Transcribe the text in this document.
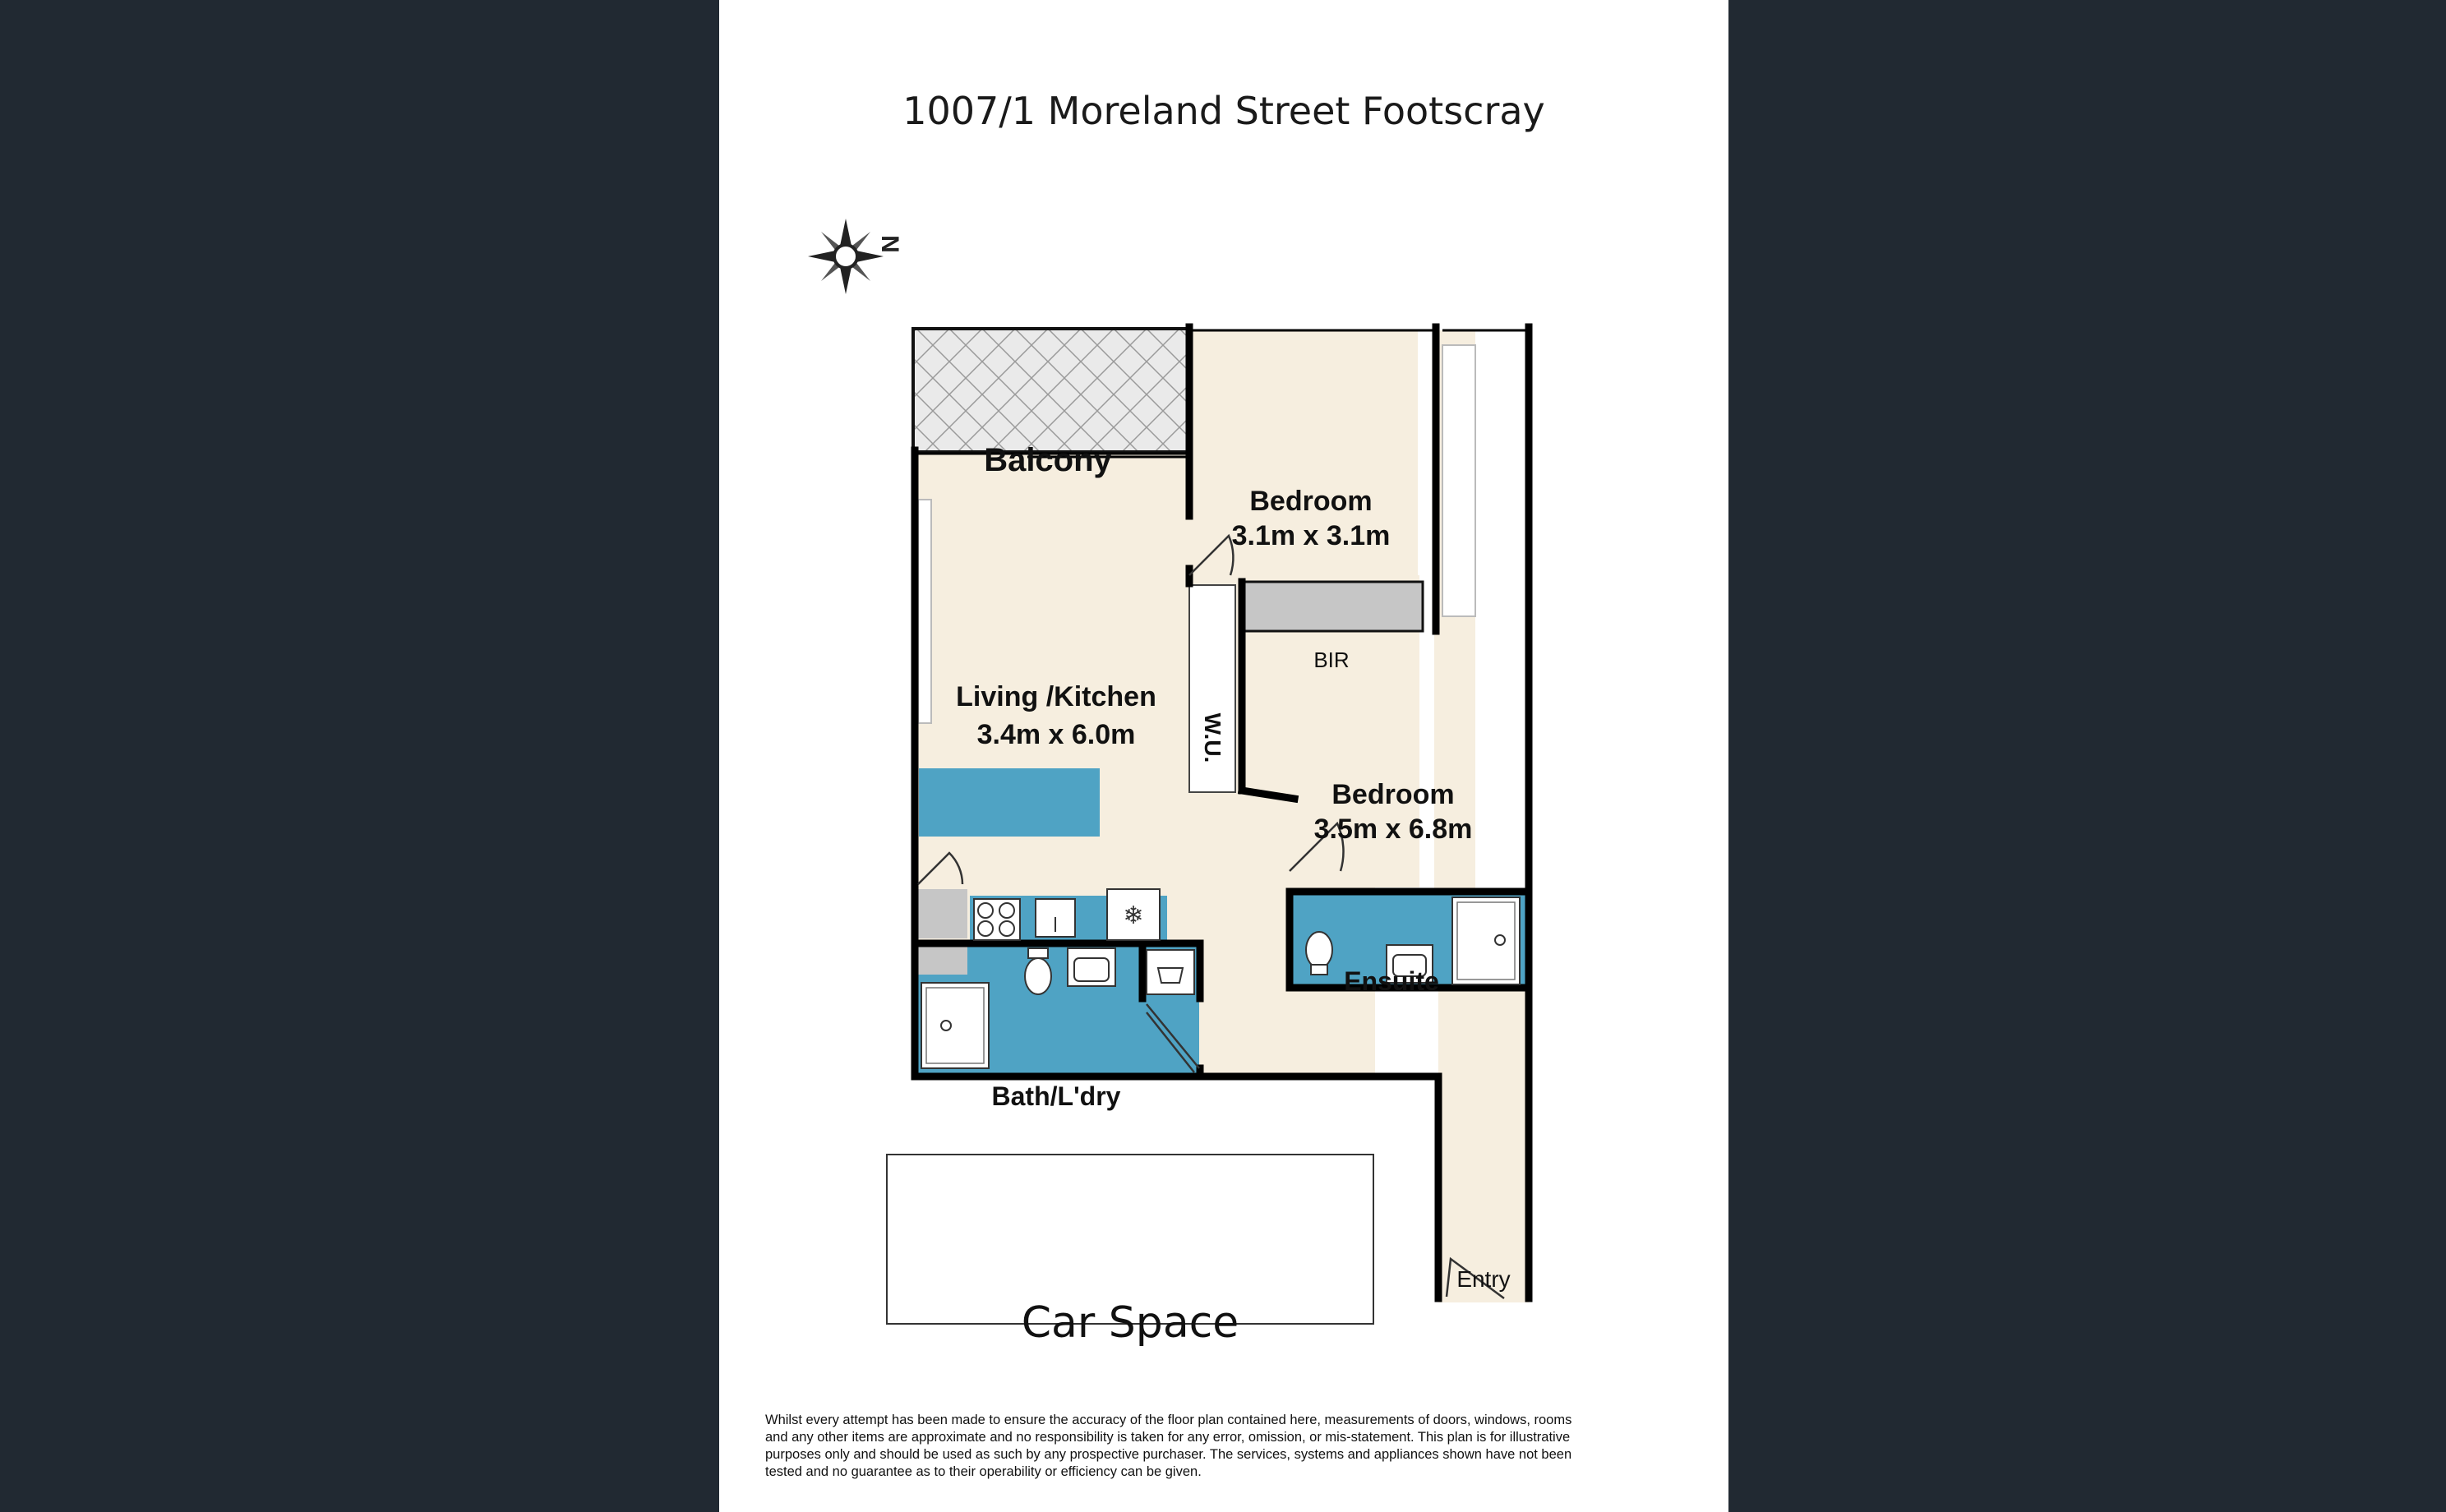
1007/1 Moreland Street Footscray
❄

Balcony

Bedroom
3.1m x 3.1m

BIR

Living /Kitchen
3.4m x 6.0m

	W.U.

Bedroom
3.5m x 6.8m

Ensuite

Bath/L'dry

Entry

Car Space

N
Whilst every attempt has been made to ensure the accuracy of the floor plan contained here, measurements of doors, windows, rooms and any other items are approximate and no responsibility is taken for any error, omission, or mis-statement. This plan is for illustrative purposes only and should be used as such by any prospective purchaser. The services, systems and appliances shown have not been tested and no guarantee as to their operability or efficiency can be given.
